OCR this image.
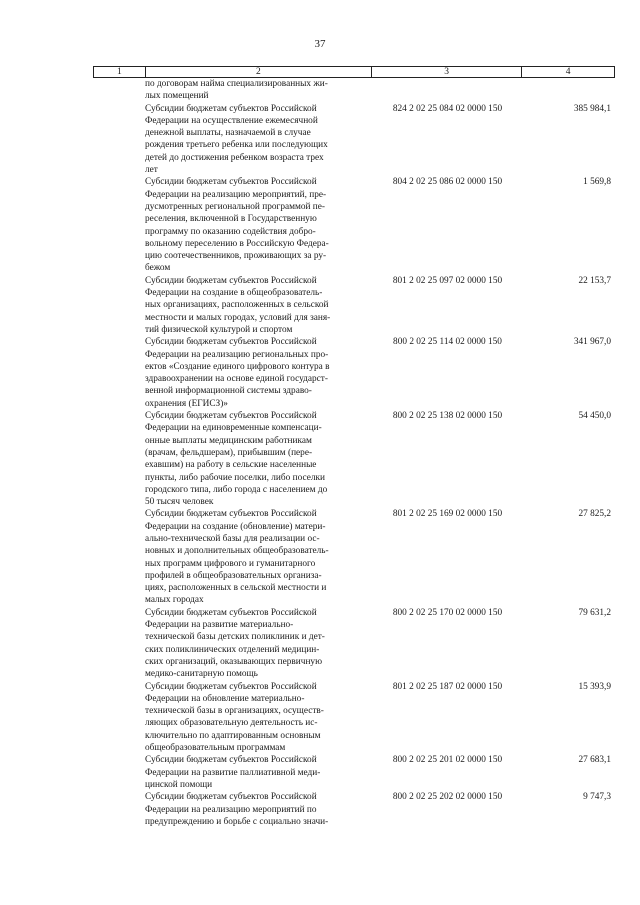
37
1	2	3	4
по договорам найма специализированных жи-
лых помещений
Субсидии бюджетам субъектов Российской
Федерации на осуществление ежемесячной
денежной выплаты, назначаемой в случае
рождения третьего ребенка или последующих
детей до достижения ребенком возраста трех
лет
824 2 02 25 084 02 0000 150	385 984,1
Субсидии бюджетам субъектов Российской
Федерации на реализацию мероприятий, пре-
дусмотренных региональной программой пе-
реселения, включенной в Государственную
программу по оказанию содействия добро-
вольному переселению в Российскую Федера-
цию соотечественников, проживающих за ру-
бежом
804 2 02 25 086 02 0000 150	1 569,8
Субсидии бюджетам субъектов Российской
Федерации на создание в общеобразователь-
ных организациях, расположенных в сельской
местности и малых городах, условий для заня-
тий физической культурой и спортом
801 2 02 25 097 02 0000 150	22 153,7
Субсидии бюджетам субъектов Российской
Федерации на реализацию региональных про-
ектов «Создание единого цифрового контура в
здравоохранении на основе единой государст-
венной информационной системы здраво-
охранения (ЕГИСЗ)»
800 2 02 25 114 02 0000 150	341 967,0
Субсидии бюджетам субъектов Российской
Федерации на единовременные компенсаци-
онные выплаты медицинским работникам
(врачам, фельдшерам), прибывшим (пере-
ехавшим) на работу в сельские населенные
пункты, либо рабочие поселки, либо поселки
городского типа, либо города с населением до
50 тысяч человек
800 2 02 25 138 02 0000 150	54 450,0
Субсидии бюджетам субъектов Российской
Федерации на создание (обновление) матери-
ально-технической базы для реализации ос-
новных и дополнительных общеобразователь-
ных программ цифрового и гуманитарного
профилей в общеобразовательных организа-
циях, расположенных в сельской местности и
малых городах
801 2 02 25 169 02 0000 150	27 825,2
Субсидии бюджетам субъектов Российской
Федерации на развитие материально-
технической базы детских поликлиник и дет-
ских поликлинических отделений медицин-
ских организаций, оказывающих первичную
медико-санитарную помощь
800 2 02 25 170 02 0000 150	79 631,2
Субсидии бюджетам субъектов Российской
Федерации на обновление материально-
технической базы в организациях, осуществ-
ляющих образовательную деятельность ис-
ключительно по адаптированным основным
общеобразовательным программам
801 2 02 25 187 02 0000 150	15 393,9
Субсидии бюджетам субъектов Российской
Федерации на развитие паллиативной меди-
цинской помощи
800 2 02 25 201 02 0000 150	27 683,1
Субсидии бюджетам субъектов Российской
Федерации на реализацию мероприятий по
предупреждению и борьбе с социально значи-
800 2 02 25 202 02 0000 150	9 747,3
